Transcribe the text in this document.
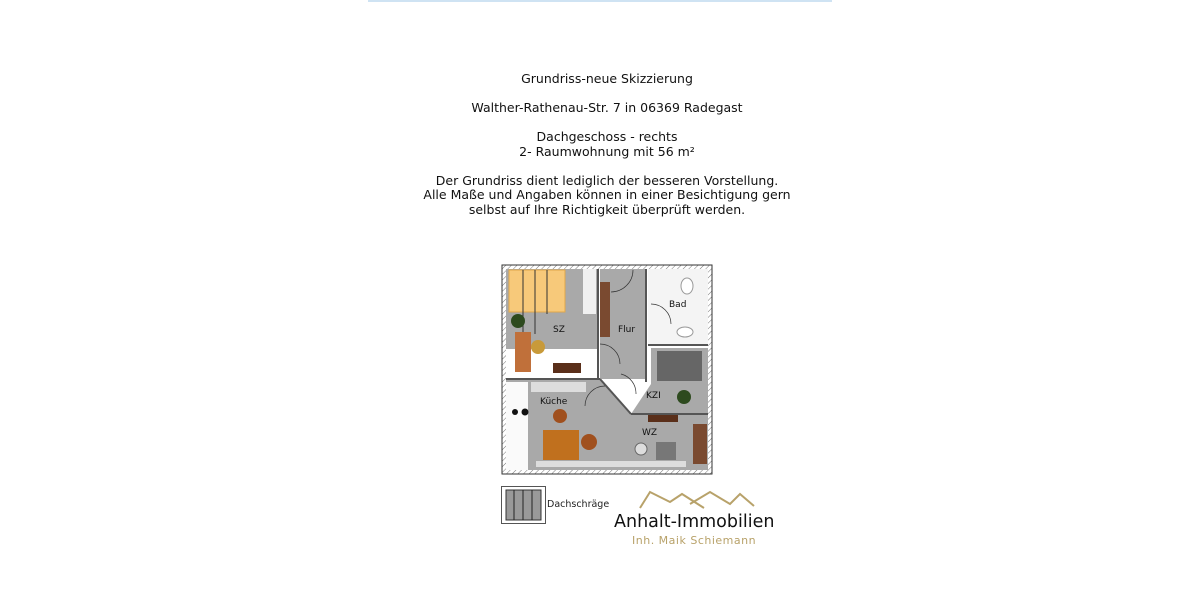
Grundriss-neue Skizzierung

Walther-Rathenau-Str. 7 in 06369 Radegast

Dachgeschoss - rechts

2- Raumwohnung mit 56 m²

Der Grundriss dient lediglich der besseren Vorstellung.

Alle Maße und Angaben können in einer Besichtigung gern

selbst auf Ihre Richtigkeit überprüft werden.

SZ	Flur
Bad
KZI
Küche
WZ
Dachschräge
Anhalt-Immobilien
Inh. Maik Schiemann
